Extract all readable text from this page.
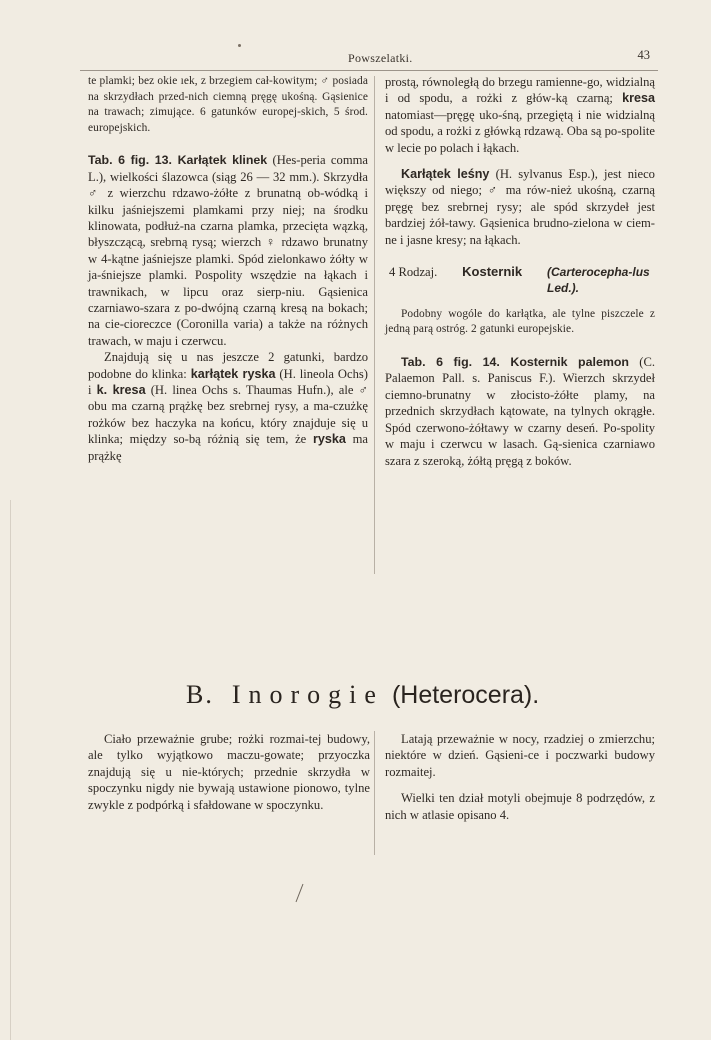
Powszelatki.	43

te plamki; bez okie ıek, z brzegiem cał-kowitym; ♂ posiada na skrzydłach przed-nich ciemną pręgę ukośną. Gąsienice na trawach; zimujące. 6 gatunków europej-skich, 5 środ. europejskich.

Tab. 6 fig. 13. Karłątek klinek (Hes-peria comma L.), wielkości ślazowca (siąg 26 — 32 mm.). Skrzydła ♂ z wierzchu rdzawo-żółte z brunatną ob-wódką i kilku jaśniejszemi plamkami przy niej; na środku klinowata, podłuż-na czarna plamka, przecięta wązką, błyszczącą, srebrną rysą; wierzch ♀ rdzawo brunatny w 4-kątne jaśniejsze plamki. Spód zielonkawo żółty w ja-śniejsze plamki. Pospolity wszędzie na łąkach i trawnikach, w lipcu oraz sierp-niu. Gąsienica czarniawo-szara z po-dwójną czarną kresą na bokach; na cie-cioreczce (Coronilla varia) a także na różnych trawach, w maju i czerwcu.

Znajdują się u nas jeszcze 2 gatunki, bardzo podobne do klinka: karłątek ryska (H. lineola Ochs) i k. kresa (H. linea Ochs s. Thaumas Hufn.), ale ♂ obu ma czarną prążkę bez srebrnej rysy, a ma-czużkę rożków bez haczyka na końcu, który znajduje się u klinka; między so-bą różnią się tem, że ryska ma prążkę

prostą, równoległą do brzegu ramienne-go, widzialną i od spodu, a rożki z głów-ką czarną; kresa natomiast—pręgę uko-śną, przegiętą i nie widzialną od spodu, a rożki z główką rdzawą. Oba są po-spolite w lecie po polach i łąkach.

Karłątek leśny (H. sylvanus Esp.), jest nieco większy od niego; ♂ ma rów-nież ukośną, czarną pręgę bez srebrnej rysy; ale spód skrzydeł jest bardziej żół-tawy. Gąsienica brudno-zielona w ciem-ne i jasne kresy; na łąkach.

4 Rodzaj. Kosternik (Carterocepha-lus Led.).

Podobny wogóle do karłątka, ale tylne piszczele z jedną parą ostróg. 2 gatunki europejskie.

Tab. 6 fig. 14. Kosternik palemon (C. Palaemon Pall. s. Paniscus F.). Wierzch skrzydeł ciemno-brunatny w złocisto-żółte plamy, na przednich skrzydłach kątowate, na tylnych okrągłe. Spód czerwono-żółtawy w czarny deseń. Po-spolity w maju i czerwcu w lasach. Gą-sienica czarniawo szara z szeroką, żółtą pręgą z boków.

B. Inorogie (Heterocera).

Ciało przeważnie grube; rożki rozmai-tej budowy, ale tylko wyjątkowo maczu-gowate; przyoczka znajdują się u nie-których; przednie skrzydła w spoczynku nigdy nie bywają ustawione pionowo, tylne zwykle z podpórką i sfałdowane w spoczynku.

Latają przeważnie w nocy, rzadziej o zmierzchu; niektóre w dzień. Gąsieni-ce i poczwarki budowy rozmaitej.

Wielki ten dział motyli obejmuje 8 podrzędów, z nich w atlasie opisano 4.
